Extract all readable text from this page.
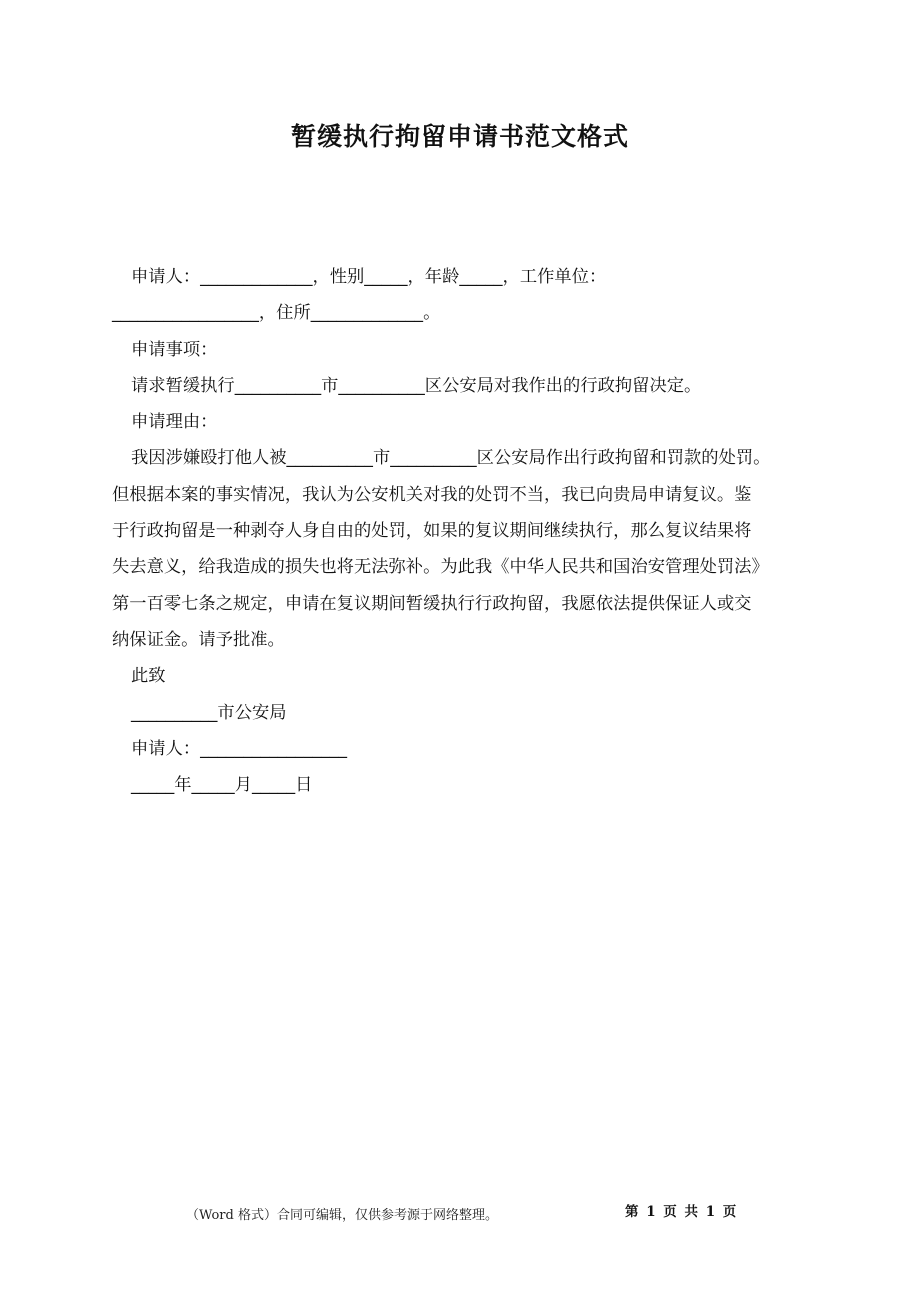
暂缓执行拘留申请书范文格式
申请人：_____________，性别_____，年龄_____，工作单位：
_________________，住所_____________。
申请事项：
请求暂缓执行__________市__________区公安局对我作出的行政拘留决定。
申请理由：
我因涉嫌殴打他人被__________市__________区公安局作出行政拘留和罚款的处罚。
但根据本案的事实情况，我认为公安机关对我的处罚不当，我已向贵局申请复议。鉴
于行政拘留是一种剥夺人身自由的处罚，如果的复议期间继续执行，那么复议结果将
失去意义，给我造成的损失也将无法弥补。为此我《中华人民共和国治安管理处罚法》
第一百零七条之规定，申请在复议期间暂缓执行行政拘留，我愿依法提供保证人或交
纳保证金。请予批准。
此致
__________市公安局
申请人：_________________
_____年_____月_____日
（Word 格式）合同可编辑，仅供参考源于网络整理。	第 1 页 共 1 页
